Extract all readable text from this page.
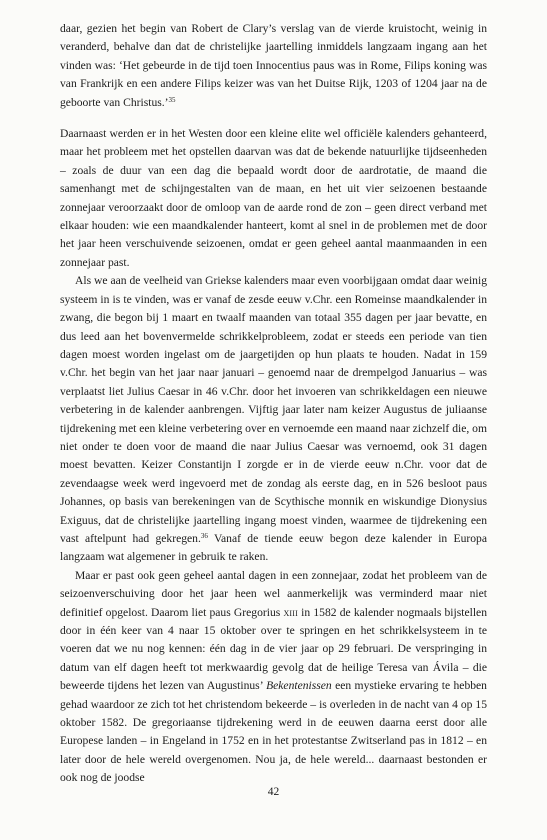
daar, gezien het begin van Robert de Clary’s verslag van de vierde kruistocht, weinig in veranderd, behalve dan dat de christelijke jaartelling inmiddels langzaam ingang aan het vinden was: ‘Het gebeurde in de tijd toen Innocentius paus was in Rome, Filips koning was van Frankrijk en een andere Filips keizer was van het Duitse Rijk, 1203 of 1204 jaar na de geboorte van Christus.’$^{35}$

Daarnaast werden er in het Westen door een kleine elite wel officiële kalenders gehanteerd, maar het probleem met het opstellen daarvan was dat de bekende natuurlijke tijdseenheden – zoals de duur van een dag die bepaald wordt door de aardrotatie, de maand die samenhangt met de schijngestalten van de maan, en het uit vier seizoenen bestaande zonnejaar veroorzaakt door de omloop van de aarde rond de zon – geen direct verband met elkaar houden: wie een maandkalender hanteert, komt al snel in de problemen met de door het jaar heen verschuivende seizoenen, omdat er geen geheel aantal maanmaanden in een zonnejaar past.

Als we aan de veelheid van Griekse kalenders maar even voorbijgaan omdat daar weinig systeem in is te vinden, was er vanaf de zesde eeuw v.Chr. een Romeinse maandkalender in zwang, die begon bij 1 maart en twaalf maanden van totaal 355 dagen per jaar bevatte, en dus leed aan het bovenvermelde schrikkelprobleem, zodat er steeds een periode van tien dagen moest worden ingelast om de jaargetijden op hun plaats te houden. Nadat in 159 v.Chr. het begin van het jaar naar januari – genoemd naar de drempelgod Januarius – was verplaatst liet Julius Caesar in 46 v.Chr. door het invoeren van schrikkeldagen een nieuwe verbetering in de kalender aanbrengen. Vijftig jaar later nam keizer Augustus de juliaanse tijdrekening met een kleine verbetering over en vernoemde een maand naar zichzelf die, om niet onder te doen voor de maand die naar Julius Caesar was vernoemd, ook 31 dagen moest bevatten. Keizer Constantijn I zorgde er in de vierde eeuw n.Chr. voor dat de zevendaagse week werd ingevoerd met de zondag als eerste dag, en in 526 besloot paus Johannes, op basis van berekeningen van de Scythische monnik en wiskundige Dionysius Exiguus, dat de christelijke jaartelling ingang moest vinden, waarmee de tijdrekening een vast aftelpunt had gekregen.$^{36}$ Vanaf de tiende eeuw begon deze kalender in Europa langzaam wat algemener in gebruik te raken.

Maar er past ook geen geheel aantal dagen in een zonnejaar, zodat het probleem van de seizoenverschuiving door het jaar heen wel aanmerkelijk was verminderd maar niet definitief opgelost. Daarom liet paus Gregorius xiii in 1582 de kalender nogmaals bijstellen door in één keer van 4 naar 15 oktober over te springen en het schrikkelsysteem in te voeren dat we nu nog kennen: één dag in de vier jaar op 29 februari. De verspringing in datum van elf dagen heeft tot merkwaardig gevolg dat de heilige Teresa van Ávila – die beweerde tijdens het lezen van Augustinus’ Bekentenissen een mystieke ervaring te hebben gehad waardoor ze zich tot het christendom bekeerde – is overleden in de nacht van 4 op 15 oktober 1582. De gregoriaanse tijdrekening werd in de eeuwen daarna eerst door alle Europese landen – in Engeland in 1752 en in het protestantse Zwitserland pas in 1812 – en later door de hele wereld overgenomen. Nou ja, de hele wereld... daarnaast bestonden er ook nog de joodse

42
